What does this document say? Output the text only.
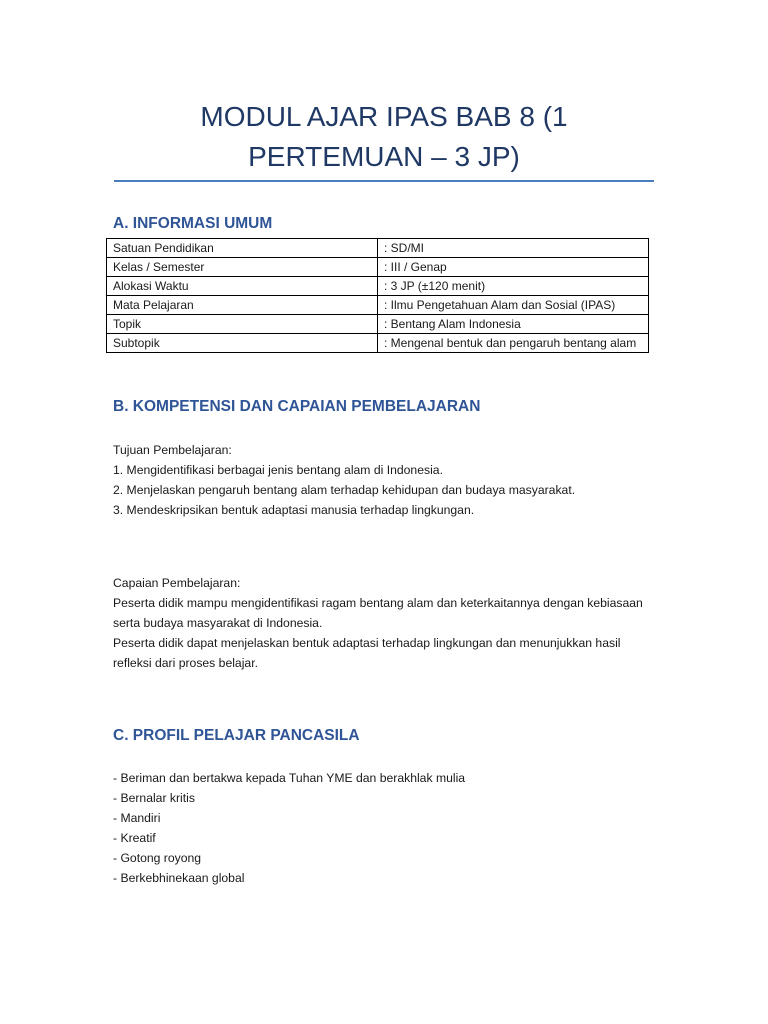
MODUL AJAR IPAS BAB 8 (1 PERTEMUAN – 3 JP)
A. INFORMASI UMUM
Satuan Pendidikan	: SD/MI
Kelas / Semester	: III / Genap
Alokasi Waktu	: 3 JP (±120 menit)
Mata Pelajaran	: Ilmu Pengetahuan Alam dan Sosial (IPAS)
Topik	: Bentang Alam Indonesia
Subtopik	: Mengenal bentuk dan pengaruh bentang alam
B. KOMPETENSI DAN CAPAIAN PEMBELAJARAN
Tujuan Pembelajaran:
1. Mengidentifikasi berbagai jenis bentang alam di Indonesia.
2. Menjelaskan pengaruh bentang alam terhadap kehidupan dan budaya masyarakat.
3. Mendeskripsikan bentuk adaptasi manusia terhadap lingkungan.
Capaian Pembelajaran:
Peserta didik mampu mengidentifikasi ragam bentang alam dan keterkaitannya dengan kebiasaan serta budaya masyarakat di Indonesia.
Peserta didik dapat menjelaskan bentuk adaptasi terhadap lingkungan dan menunjukkan hasil refleksi dari proses belajar.
C. PROFIL PELAJAR PANCASILA
- Beriman dan bertakwa kepada Tuhan YME dan berakhlak mulia
- Bernalar kritis
- Mandiri
- Kreatif
- Gotong royong
- Berkebhinekaan global
